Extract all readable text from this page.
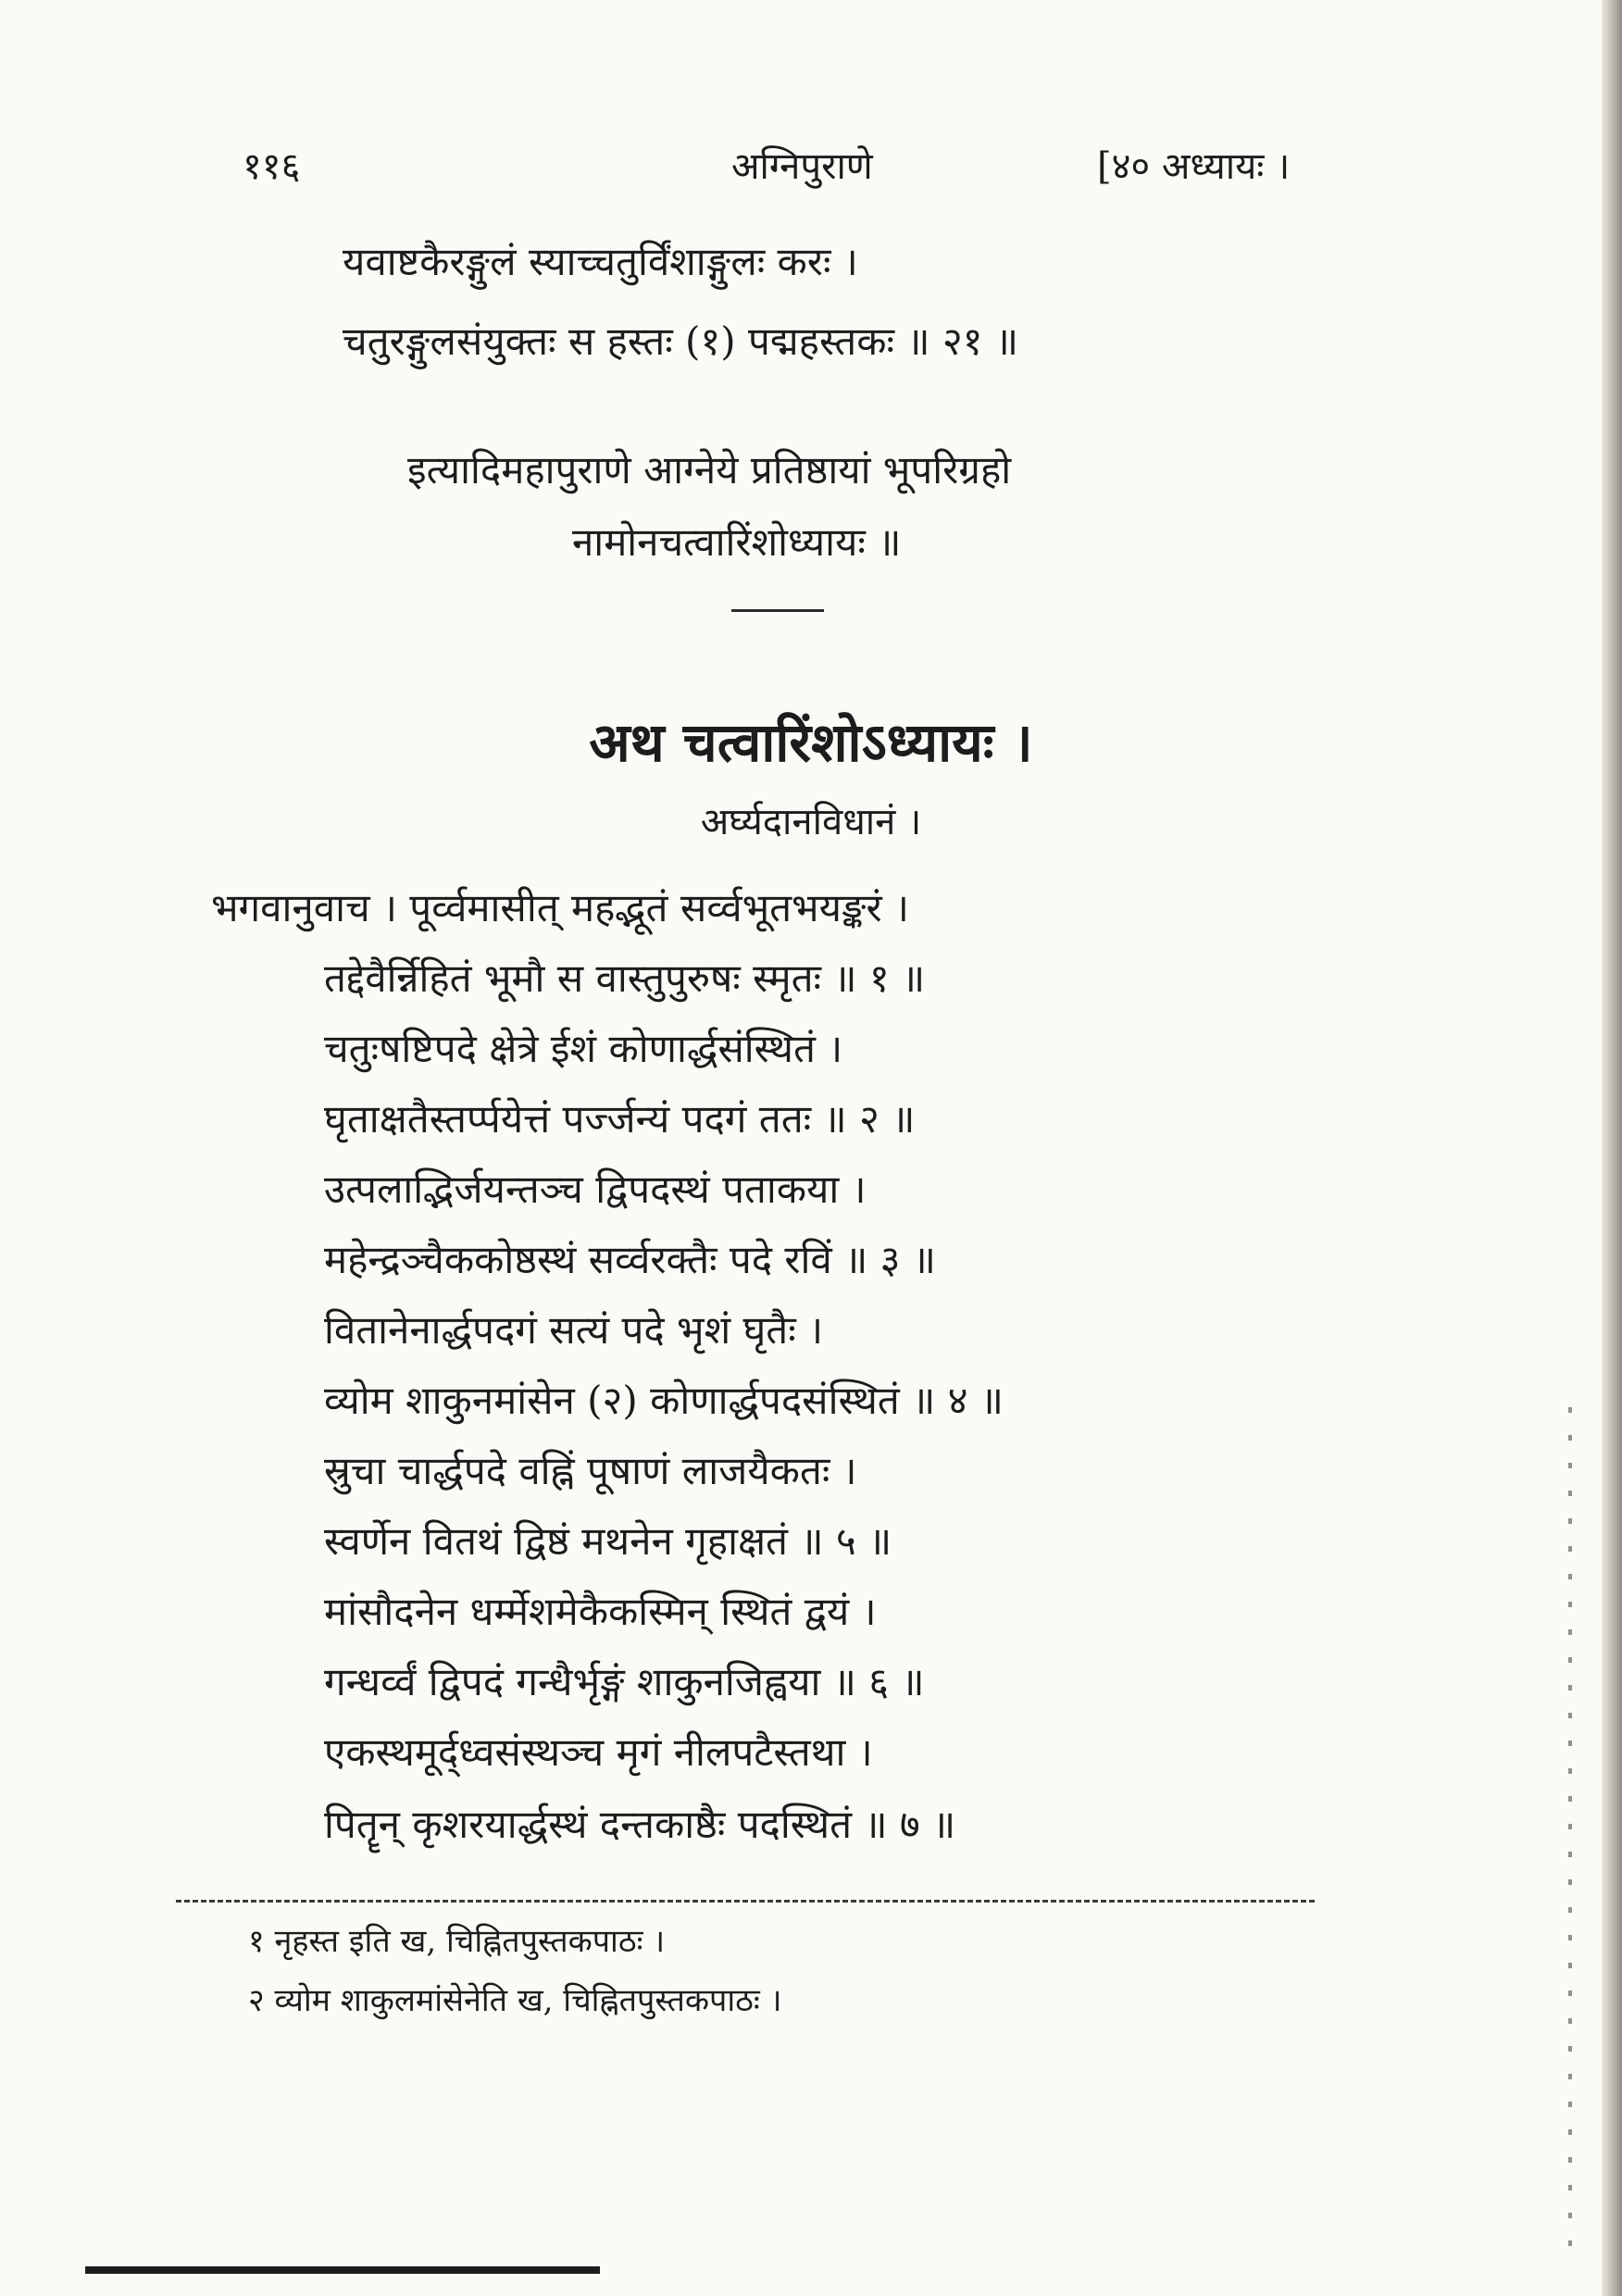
११६	अग्निपुराणे	[४० अध्यायः ।
यवाष्टकैरङ्गुलं स्याच्चतुर्विंशाङ्गुलः करः ।
चतुरङ्गुलसंयुक्तः स हस्तः (१) पद्महस्तकः ॥ २१ ॥
इत्यादिमहापुराणे आग्नेये प्रतिष्ठायां भूपरिग्रहो
नामोनचत्वारिंशोध्यायः ॥
अथ चत्वारिंशोऽध्यायः ।
अर्घ्यदानविधानं ।
भगवानुवाच । पूर्व्वमासीत् महद्भूतं सर्व्वभूतभयङ्करं ।
तद्देवैर्न्निहितं भूमौ स वास्तुपुरुषः स्मृतः ॥ १ ॥
चतुःषष्टिपदे क्षेत्रे ईशं कोणार्द्धसंस्थितं ।
घृताक्षतैस्तर्प्पयेत्तं पर्ज्जन्यं पदगं ततः ॥ २ ॥
उत्पलाद्भिर्जयन्तञ्च द्विपदस्थं पताकया ।
महेन्द्रञ्चैककोष्ठस्थं सर्व्वरक्तैः पदे रविं ॥ ३ ॥
वितानेनार्द्धपदगं सत्यं पदे भृशं घृतैः ।
व्योम शाकुनमांसेन (२) कोणार्द्धपदसंस्थितं ॥ ४ ॥
स्रुचा चार्द्धपदे वह्निं पूषाणं लाजयैकतः ।
स्वर्णेन वितथं द्विष्ठं मथनेन गृहाक्षतं ॥ ५ ॥
मांसौदनेन धर्म्मेशमेकैकस्मिन् स्थितं द्वयं ।
गन्धर्व्वं द्विपदं गन्धैर्भृङ्गं शाकुनजिह्वया ॥ ६ ॥
एकस्थमूर्द्ध्वसंस्थञ्च मृगं नीलपटैस्तथा ।
पितॄन् कृशरयार्द्धस्थं दन्तकाष्ठैः पदस्थितं ॥ ७ ॥
१ नृहस्त इति ख, चिह्नितपुस्तकपाठः ।
२ व्योम शाकुलमांसेनेति ख, चिह्नितपुस्तकपाठः ।
